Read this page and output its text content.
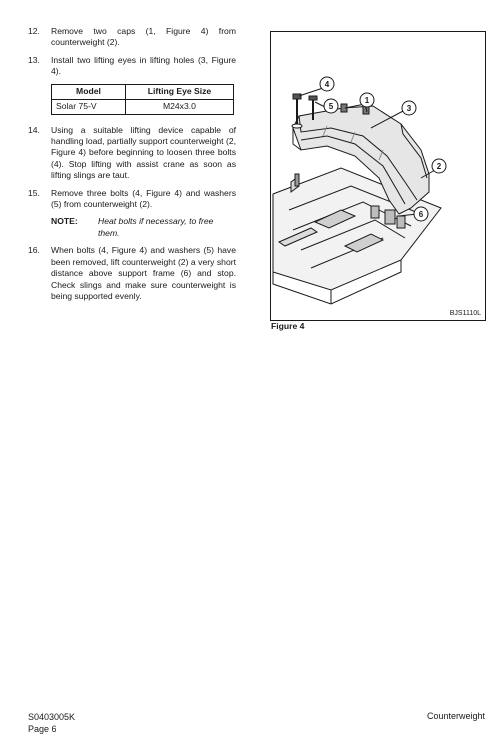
12.	Remove two caps (1, Figure 4) from counterweight (2).
13.	Install two lifting eyes in lifting holes (3, Figure 4).
Model	Lifting Eye Size
Solar 75-V	M24x3.0
14.	Using a suitable lifting device capable of handling load, partially support counterweight (2, Figure 4) before beginning to loosen three bolts (4). Stop lifting with assist crane as soon as lifting slings are taut.
15.	Remove three bolts (4, Figure 4) and washers (5) from counterweight (2).
NOTE:	Heat bolts if necessary, to free them.
16.	When bolts (4, Figure 4) and washers (5) have been removed, lift counterweight (2) a very short distance above support frame (6) and stop. Check slings and make sure counterweight is being supported evenly.
4
5
1
3
2
6
BJS1110L
Figure 4
S0403005K
Page 6
Counterweight
